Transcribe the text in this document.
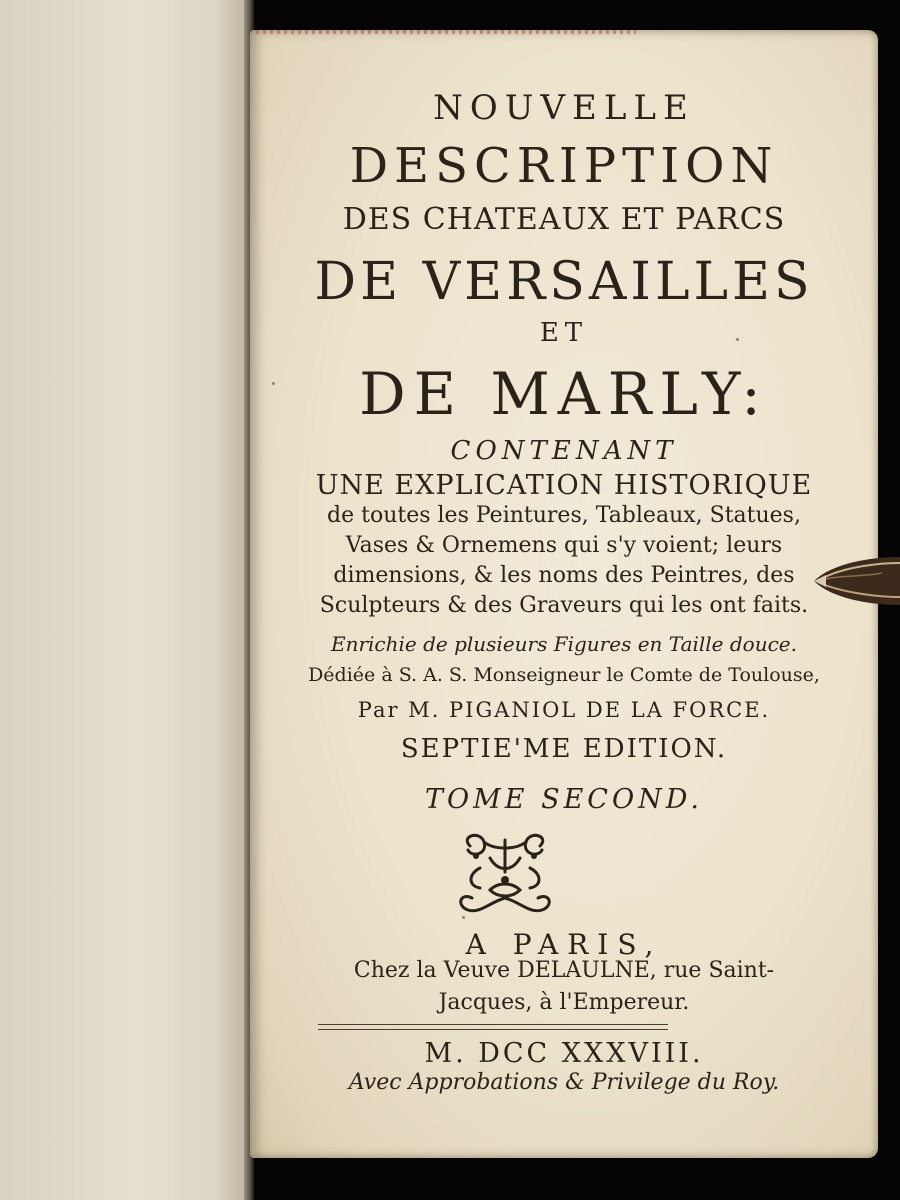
NOUVELLE
DESCRIPTION
DES CHATEAUX ET PARCS
DE VERSAILLES
ET
DE MARLY:
CONTENANT
UNE EXPLICATION HISTORIQUE
de toutes les Peintures, Tableaux, Statues,
Vases & Ornemens qui s'y voient; leurs
dimensions, & les noms des Peintres, des
Sculpteurs & des Graveurs qui les ont faits.
Enrichie de plusieurs Figures en Taille douce.
Dédiée à S. A. S. Monseigneur le Comte de Toulouse,
Par M. PIGANIOL DE LA FORCE.
SEPTIE'ME EDITION.
TOME SECOND.
A PARIS,
Chez la Veuve DELAULNE, rue Saint-
Jacques, à l'Empereur.
M. DCC XXXVIII.
Avec Approbations & Privilege du Roy.
